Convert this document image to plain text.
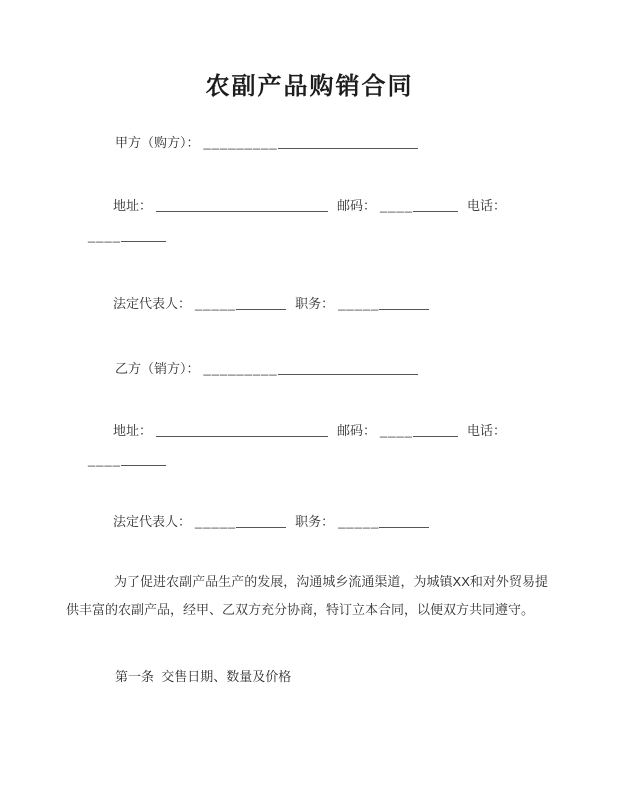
农副产品购销合同
甲方（购方）： _________
地址：	邮码： ____	电话：
____
法定代表人： _____	职务： _____
乙方（销方）： _________
地址：	邮码： ____	电话：
____
法定代表人： _____	职务： _____
为了促进农副产品生产的发展，沟通城乡流通渠道，为城镇XX和对外贸易提供丰富的农副产品，经甲、乙双方充分协商，特订立本合同，以便双方共同遵守。
第一条  交售日期、数量及价格
